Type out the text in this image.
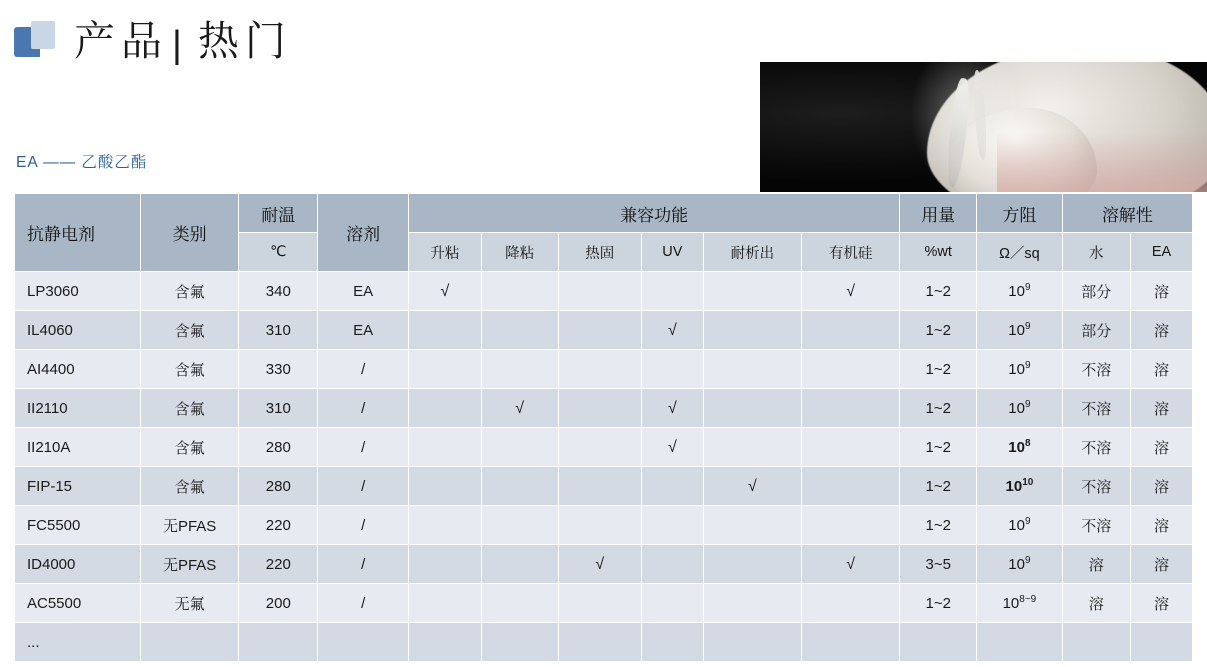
产品 | 热门
EA —— 乙酸乙酯
抗静电剂	类别	耐温	溶剂	兼容功能						用量	方阻	溶解性	
		℃		升粘	降粘	热固	UV	耐析出	有机硅	%wt	Ω／sq	水	EA
LP3060	含氟	340	EA	√					√	1~2	$10^9$	部分	溶
IL4060	含氟	310	EA				√			1~2	$10^9$	部分	溶
AI4400	含氟	330	/							1~2	$10^9$	不溶	溶
II2110	含氟	310	/		√		√			1~2	$10^9$	不溶	溶
II210A	含氟	280	/				√			1~2	$10^8$	不溶	溶
FIP-15	含氟	280	/					√		1~2	$10^{10}$	不溶	溶
FC5500	无PFAS	220	/							1~2	$10^9$	不溶	溶
ID4000	无PFAS	220	/			√			√	3~5	$10^9$	溶	溶
AC5500	无氟	200	/							1~2	$10^{8\sim 9}$	溶	溶
...													
